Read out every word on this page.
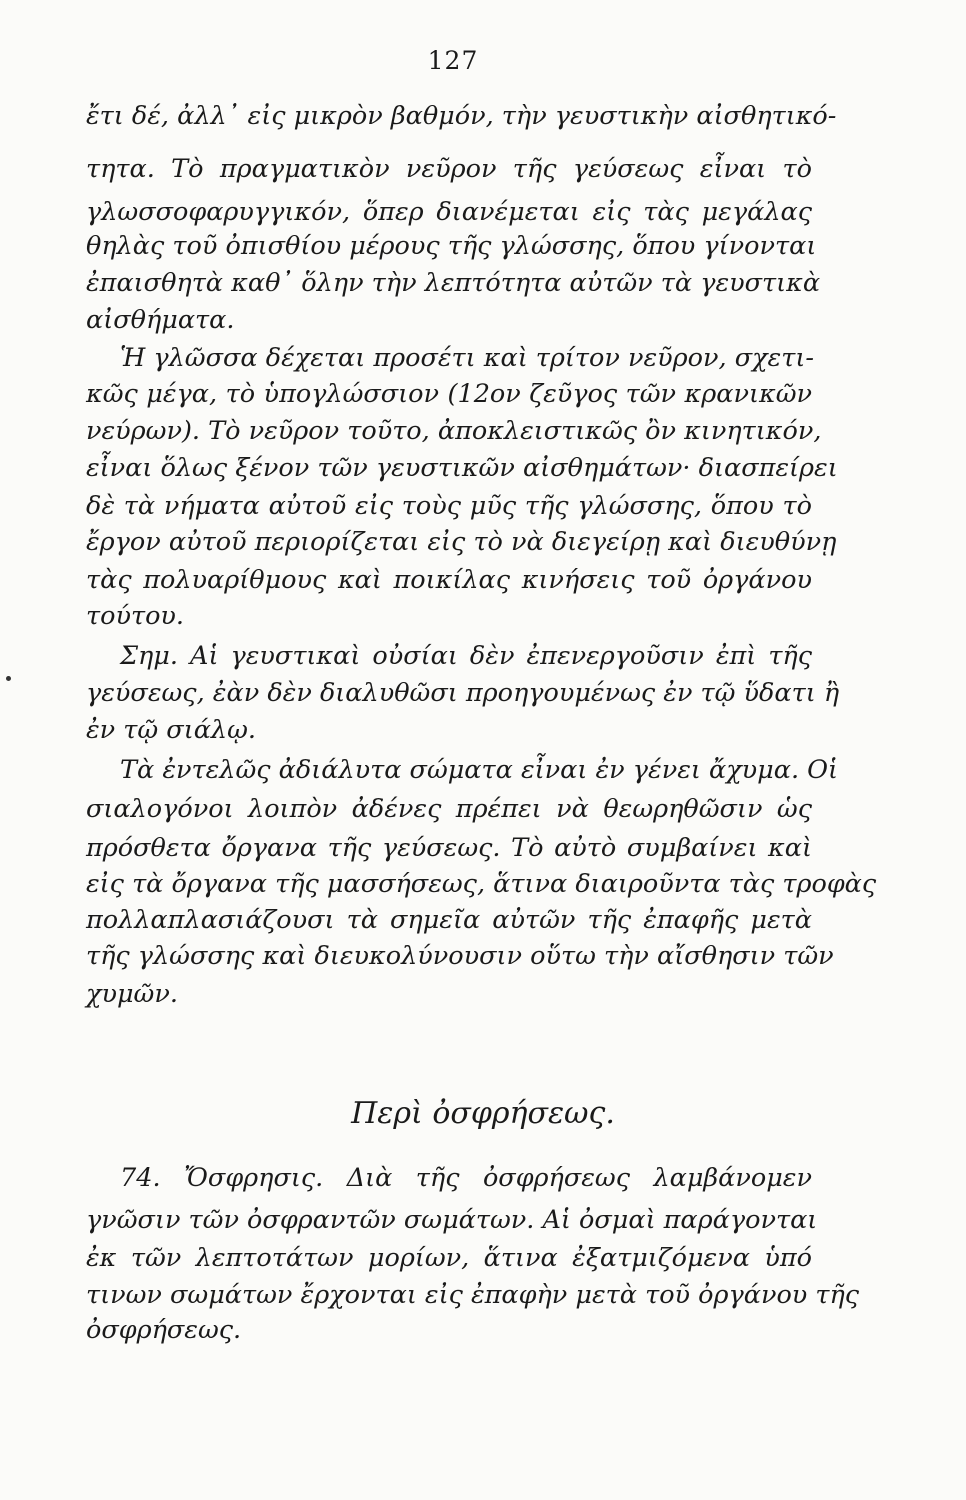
127
ἔτι δέ, ἀλλ᾽ εἰς μικρὸν βαθμόν, τὴν γευστικὴν αἰσθητικό-
τητα. Τὸ πραγματικὸν νεῦρον τῆς γεύσεως εἶναι τὸ
γλωσσοφαρυγγικόν, ὅπερ διανέμεται εἰς τὰς μεγάλας
θηλὰς τοῦ ὀπισθίου μέρους τῆς γλώσσης, ὅπου γίνονται
ἐπαισθητὰ καθ᾽ ὅλην τὴν λεπτότητα αὐτῶν τὰ γευστικὰ
αἰσθήματα.
Ἡ γλῶσσα δέχεται προσέτι καὶ τρίτον νεῦρον, σχετι-
κῶς μέγα, τὸ ὑπογλώσσιον (12ον ζεῦγος τῶν κρανικῶν
νεύρων). Τὸ νεῦρον τοῦτο, ἀποκλειστικῶς ὂν κινητικόν,
εἶναι ὅλως ξένον τῶν γευστικῶν αἰσθημάτων· διασπείρει
δὲ τὰ νήματα αὐτοῦ εἰς τοὺς μῦς τῆς γλώσσης, ὅπου τὸ
ἔργον αὐτοῦ περιορίζεται εἰς τὸ νὰ διεγείρῃ καὶ διευθύνῃ
τὰς πολυαρίθμους καὶ ποικίλας κινήσεις τοῦ ὀργάνου
τούτου.
Σημ. Αἱ γευστικαὶ οὐσίαι δὲν ἐπενεργοῦσιν ἐπὶ τῆς
γεύσεως, ἐὰν δὲν διαλυθῶσι προηγουμένως ἐν τῷ ὕδατι ἢ
ἐν τῷ σιάλῳ.
Τὰ ἐντελῶς ἀδιάλυτα σώματα εἶναι ἐν γένει ἄχυμα. Οἱ
σιαλογόνοι λοιπὸν ἀδένες πρέπει νὰ θεωρηθῶσιν ὡς
πρόσθετα ὄργανα τῆς γεύσεως. Τὸ αὐτὸ συμβαίνει καὶ
εἰς τὰ ὄργανα τῆς μασσήσεως, ἅτινα διαιροῦντα τὰς τροφὰς
πολλαπλασιάζουσι τὰ σημεῖα αὐτῶν τῆς ἐπαφῆς μετὰ
τῆς γλώσσης καὶ διευκολύνουσιν οὕτω τὴν αἴσθησιν τῶν
χυμῶν.
Περὶ ὀσφρήσεως.
74. Ὄσφρησις. Διὰ τῆς ὀσφρήσεως λαμβάνομεν
γνῶσιν τῶν ὀσφραντῶν σωμάτων. Αἱ ὀσμαὶ παράγονται
ἐκ τῶν λεπτοτάτων μορίων, ἅτινα ἐξατμιζόμενα ὑπό
τινων σωμάτων ἔρχονται εἰς ἐπαφὴν μετὰ τοῦ ὀργάνου τῆς
ὀσφρήσεως.
